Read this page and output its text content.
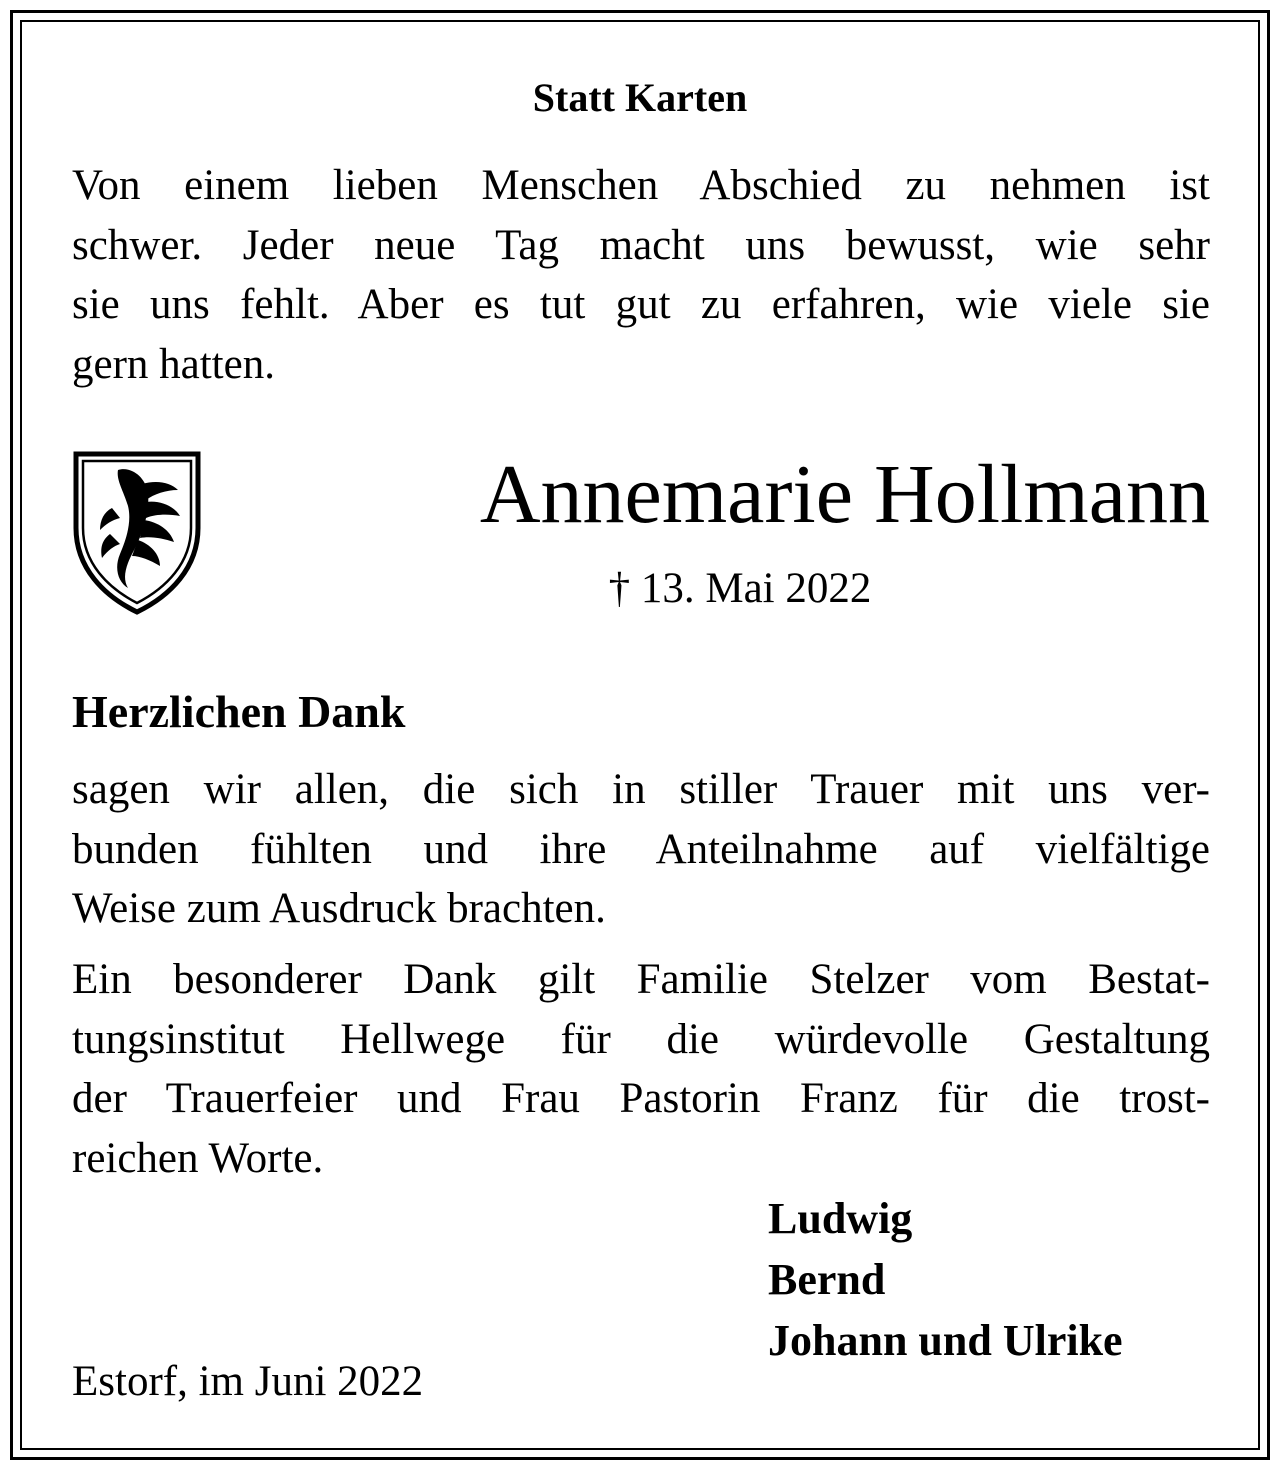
Statt Karten
Von einem lieben Menschen Abschied zu nehmen ist
schwer. Jeder neue Tag macht uns bewusst, wie sehr
sie uns fehlt. Aber es tut gut zu erfahren, wie viele sie
gern hatten.
Annemarie Hollmann
† 13. Mai 2022
Herzlichen Dank
sagen wir allen, die sich in stiller Trauer mit uns ver-
bunden fühlten und ihre Anteilnahme auf vielfältige
Weise zum Ausdruck brachten.
Ein besonderer Dank gilt Familie Stelzer vom Bestat-
tungsinstitut Hellwege für die würdevolle Gestaltung
der Trauerfeier und Frau Pastorin Franz für die trost-
reichen Worte.
Ludwig
Bernd
Johann und Ulrike
Estorf, im Juni 2022
